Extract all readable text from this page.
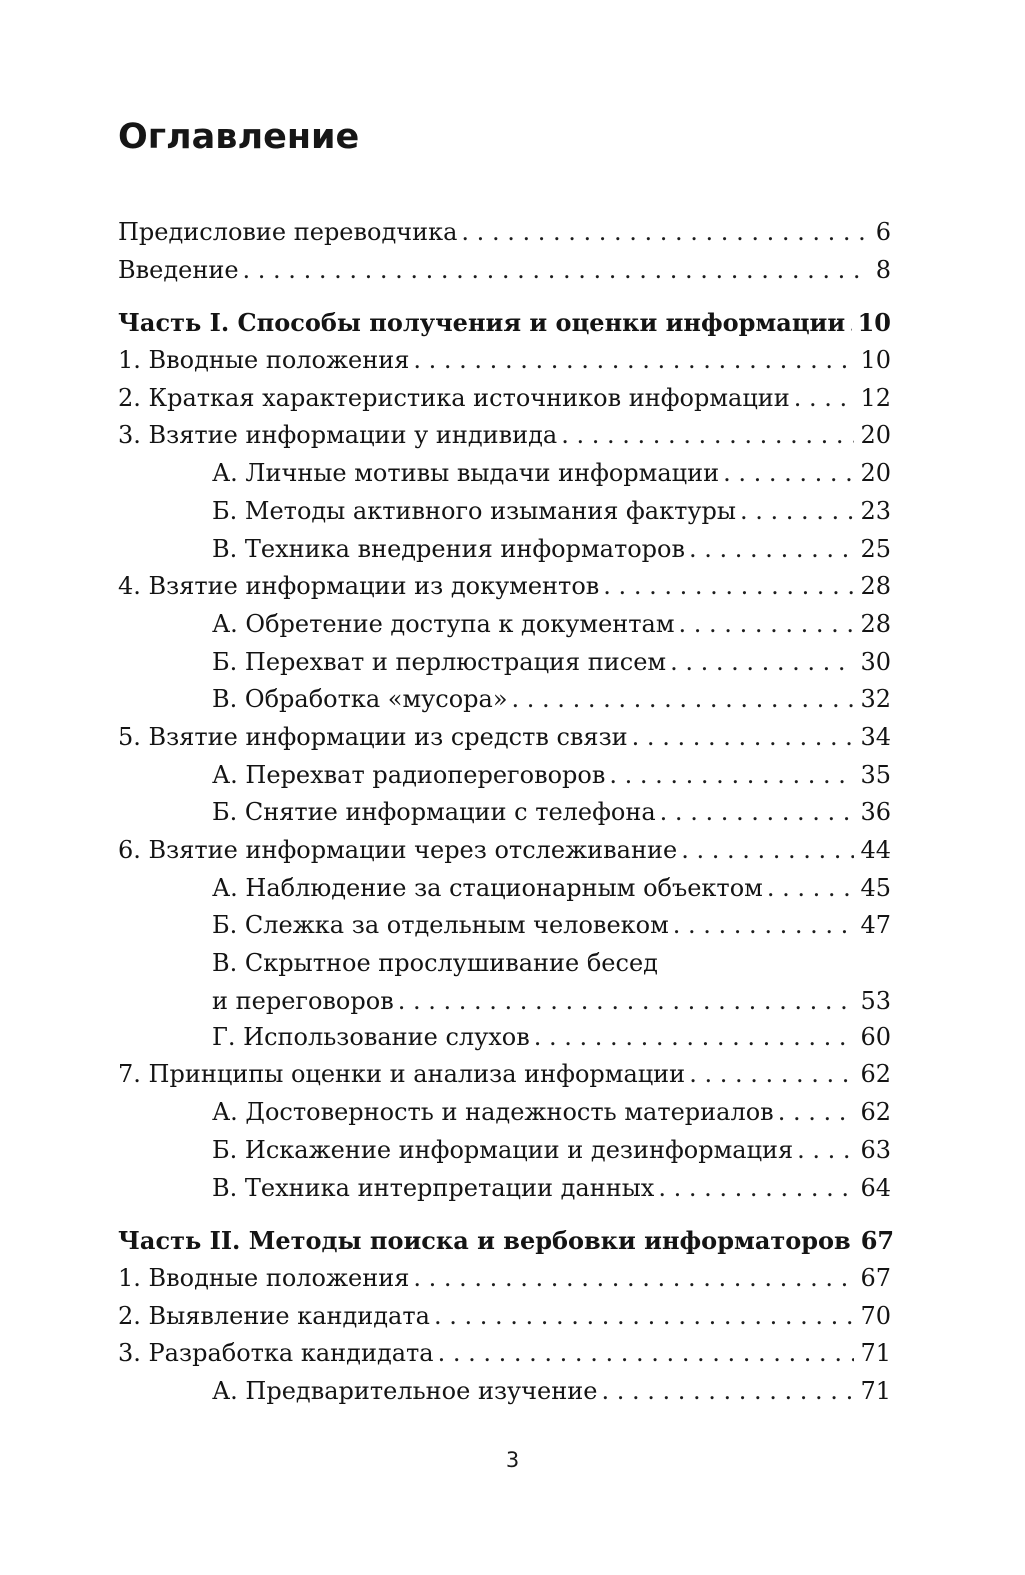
Оглавление
Предисловие переводчика . . .	6
Введение . . .	8
Часть I. Способы получения и оценки информации . . . 10
1. Вводные положения . . .	10
2. Краткая характеристика источников информации . . .	12
3. Взятие информации у индивида . . .	20
А. Личные мотивы выдачи информации . . .	20
Б. Методы активного изымания фактуры . . .	23
В. Техника внедрения информаторов . . .	25
4. Взятие информации из документов . . .	28
А. Обретение доступа к документам . . .	28
Б. Перехват и перлюстрация писем . . .	30
В. Обработка «мусора» . . .	32
5. Взятие информации из средств связи . . .	34
А. Перехват радиопереговоров . . .	35
Б. Снятие информации с телефона . . .	36
6. Взятие информации через отслеживание . . .	44
А. Наблюдение за стационарным объектом . . .	45
Б. Слежка за отдельным человеком . . .	47
В. Скрытное прослушивание бесед
и переговоров . . .	53
Г. Использование слухов . . .	60
7. Принципы оценки и анализа информации . . .	62
А. Достоверность и надежность материалов . . .	62
Б. Искажение информации и дезинформация . . .	63
В. Техника интерпретации данных . . .	64
Часть II. Методы поиска и вербовки информаторов 67
1. Вводные положения . . .	67
2. Выявление кандидата . . .	70
3. Разработка кандидата . . .	71
А. Предварительное изучение . . .	71
3
